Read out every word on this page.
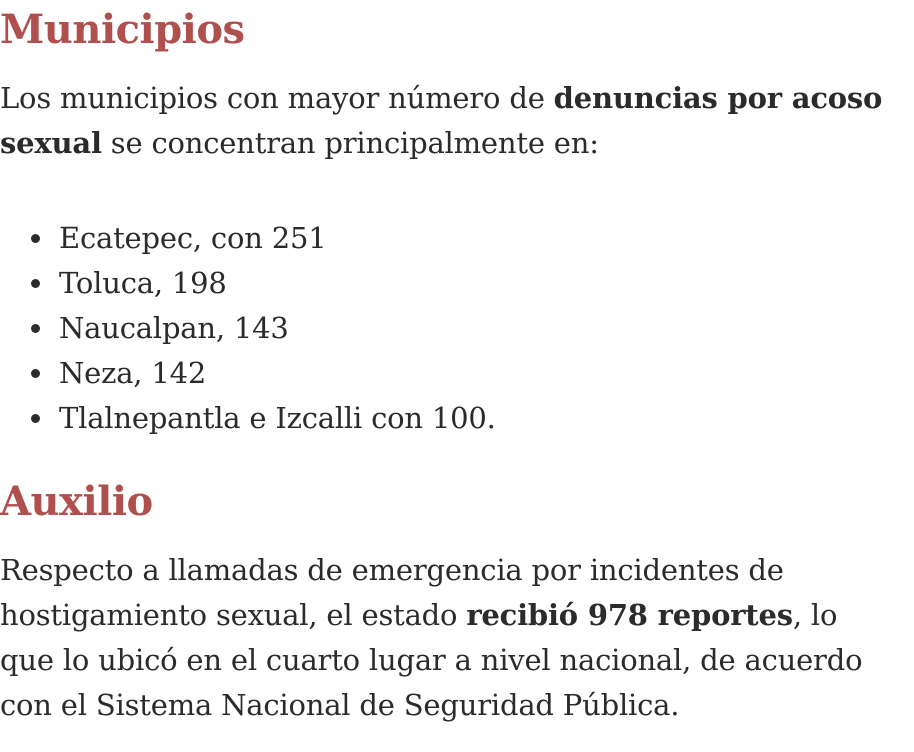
Municipios

Los municipios con mayor número de denuncias por acoso sexual se concentran principalmente en:

Ecatepec, con 251
Toluca, 198
Naucalpan, 143
Neza, 142
Tlalnepantla e Izcalli con 100.
Auxilio

Respecto a llamadas de emergencia por incidentes de hostigamiento sexual, el estado recibió 978 reportes, lo que lo ubicó en el cuarto lugar a nivel nacional, de acuerdo con el Sistema Nacional de Seguridad Pública.
